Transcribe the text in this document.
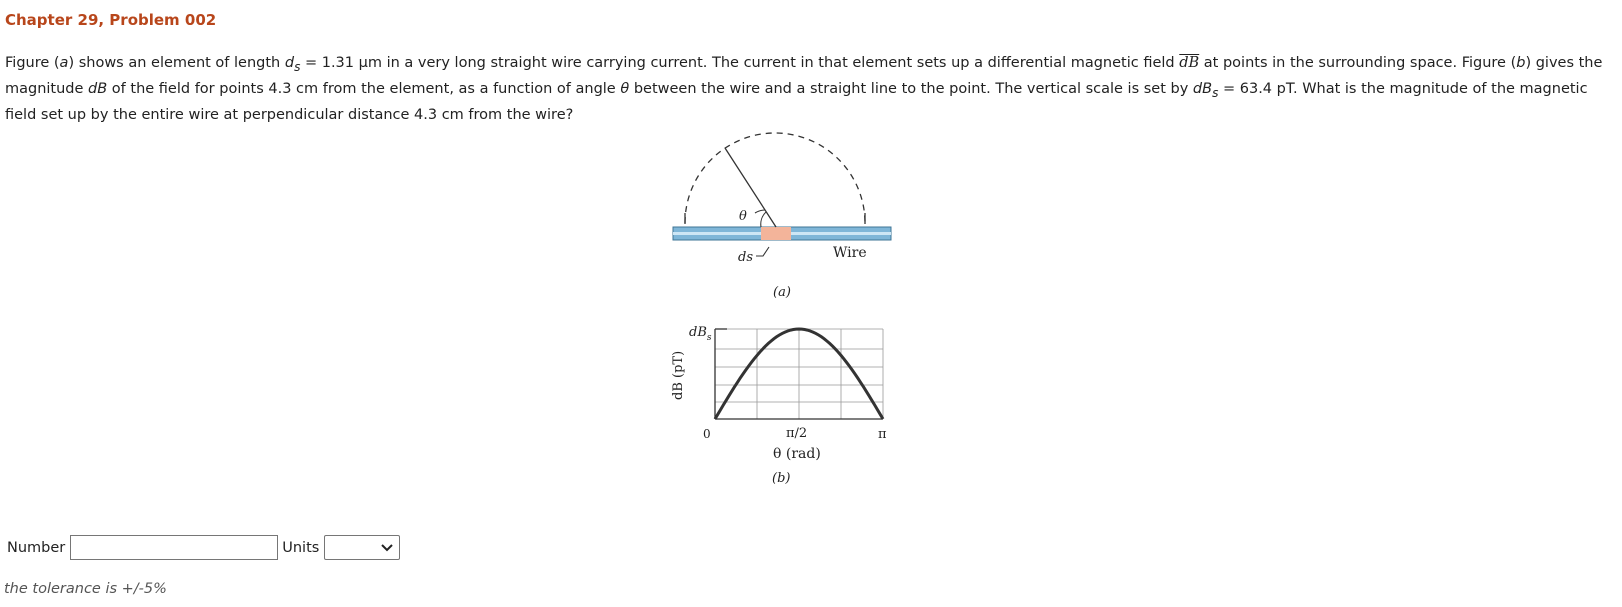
Chapter 29, Problem 002

Figure (a) shows an element of length $d_s = 1.31$ μm in a very long straight wire carrying current. The current in that element sets up a differential magnetic field $\overline{dB}$ at points in the surrounding space. Figure (b) gives the magnitude dB of the field for points 4.3 cm from the element, as a function of angle θ between the wire and a straight line to the point. The vertical scale is set by $dB_s = 63.4$ pT. What is the magnitude of the magnetic field set up by the entire wire at perpendicular distance 4.3 cm from the wire?

θ
ds	Wire
(a)
$dB_s$
dB (pT)
0	π/2	π
θ (rad)
(b)
Number	Units

the tolerance is +/-5%
